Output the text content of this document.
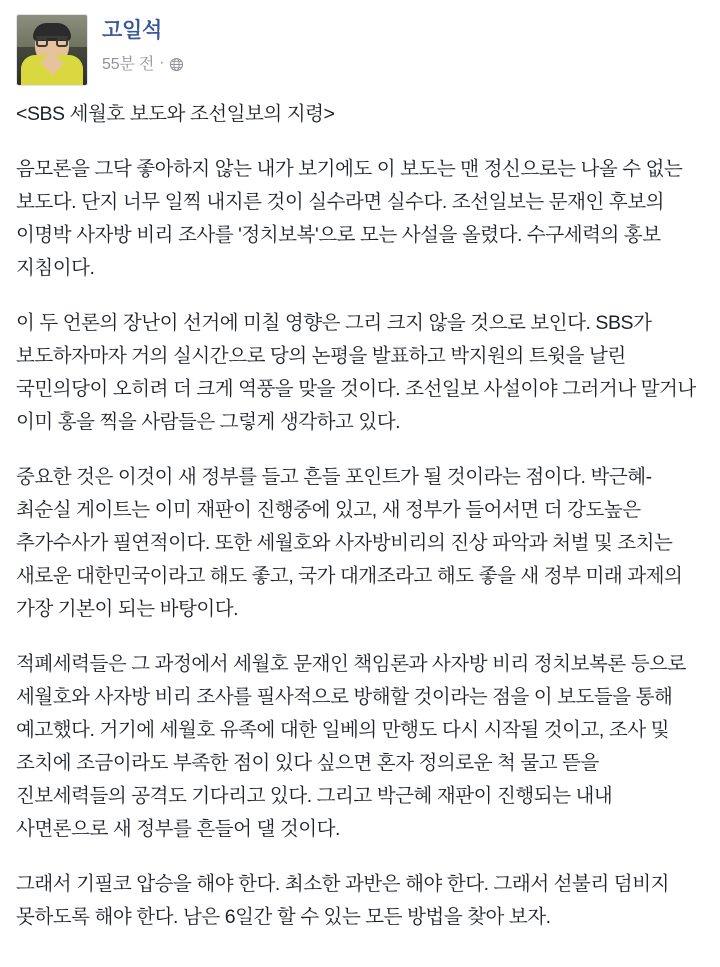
고일석
55분 전 ·

<SBS 세월호 보도와 조선일보의 지령>

음모론을 그닥 좋아하지 않는 내가 보기에도 이 보도는 맨 정신으로는 나올 수 없는 보도다. 단지 너무 일찍 내지른 것이 실수라면 실수다. 조선일보는 문재인 후보의 이명박 사자방 비리 조사를 '정치보복'으로 모는 사설을 올렸다. 수구세력의 홍보 지침이다.

이 두 언론의 장난이 선거에 미칠 영향은 그리 크지 않을 것으로 보인다. SBS가 보도하자마자 거의 실시간으로 당의 논평을 발표하고 박지원의 트윗을 날린 국민의당이 오히려 더 크게 역풍을 맞을 것이다. 조선일보 사설이야 그러거나 말거나 이미 홍을 찍을 사람들은 그렇게 생각하고 있다.

중요한 것은 이것이 새 정부를 들고 흔들 포인트가 될 것이라는 점이다. 박근혜-최순실 게이트는 이미 재판이 진행중에 있고, 새 정부가 들어서면 더 강도높은 추가수사가 필연적이다. 또한 세월호와 사자방비리의 진상 파악과 처벌 및 조치는 새로운 대한민국이라고 해도 좋고, 국가 대개조라고 해도 좋을 새 정부 미래 과제의 가장 기본이 되는 바탕이다.

적폐세력들은 그 과정에서 세월호 문재인 책임론과 사자방 비리 정치보복론 등으로 세월호와 사자방 비리 조사를 필사적으로 방해할 것이라는 점을 이 보도들을 통해 예고했다. 거기에 세월호 유족에 대한 일베의 만행도 다시 시작될 것이고, 조사 및 조치에 조금이라도 부족한 점이 있다 싶으면 혼자 정의로운 척 물고 뜯을 진보세력들의 공격도 기다리고 있다. 그리고 박근혜 재판이 진행되는 내내 사면론으로 새 정부를 흔들어 댈 것이다.

그래서 기필코 압승을 해야 한다. 최소한 과반은 해야 한다. 그래서 섣불리 덤비지 못하도록 해야 한다. 남은 6일간 할 수 있는 모든 방법을 찾아 보자.
